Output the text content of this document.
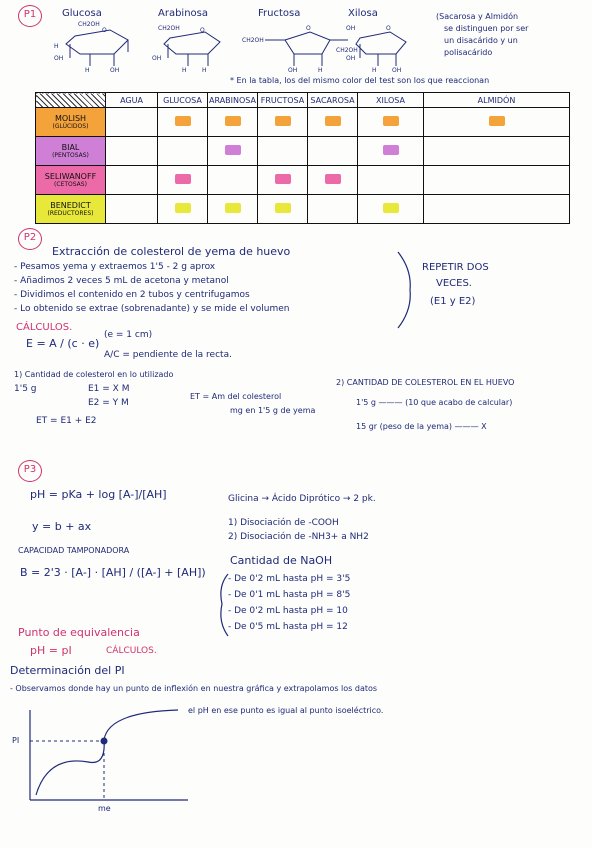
P1	Glucosa	Arabinosa	Fructosa	Xilosa
CH2OH
O
H
OH
H	OH
CH2OH	O
OH
H	H
CH2OH
O
CH2OH
OH	H
OH	O
OH
H	OH
(Sacarosa y Almidón
se distinguen por ser
un disacárido y un
polisacárido
* En la tabla, los del mismo color del test son los que reaccionan
	AGUA	GLUCOSA	ARABINOSA	FRUCTOSA	SACAROSA	XILOSA	ALMIDÓN

MOLISH
(GLÚCIDOS)							

BIAL
(PENTOSAS)							

SELIWANOFF
(CETOSAS)							

BENEDICT
(REDUCTORES)							

P2
Extracción de colesterol de yema de huevo
- Pesamos yema y extraemos 1'5 - 2 g aprox
- Añadimos 2 veces 5 mL de acetona y metanol
- Dividimos el contenido en 2 tubos y centrifugamos
- Lo obtenido se extrae (sobrenadante) y se mide el volumen
REPETIR DOS
VECES.
(E1 y E2)
CÁLCULOS.
E = A / (c · e)
(e = 1 cm)
A/C = pendiente de la recta.
1) Cantidad de colesterol en lo utilizado
1'5 g	E1 = X M
E2 = Y M
ET = E1 + E2
ET = Am del colesterol
mg en 1'5 g de yema
2) CANTIDAD DE COLESTEROL EN EL HUEVO
1'5 g ——— (10 que acabo de calcular)
15 gr (peso de la yema) ——— X
P3
pH = pKa + log [A-]/[AH]
y = b + ax
CAPACIDAD TAMPONADORA
B = 2'3 · [A-] · [AH] / ([A-] + [AH])
Glicina → Ácido Diprótico → 2 pk.
1) Disociación de -COOH
2) Disociación de -NH3+ a NH2
Cantidad de NaOH
- De 0'2 mL hasta pH = 3'5
- De 0'1 mL hasta pH = 8'5
- De 0'2 mL hasta pH = 10
- De 0'5 mL hasta pH = 12
Punto de equivalencia
pH = pI	CÁLCULOS.
Determinación del PI
- Observamos donde hay un punto de inflexión en nuestra gráfica y extrapolamos los datos
el pH en ese punto es igual al punto isoeléctrico.
PI
me
